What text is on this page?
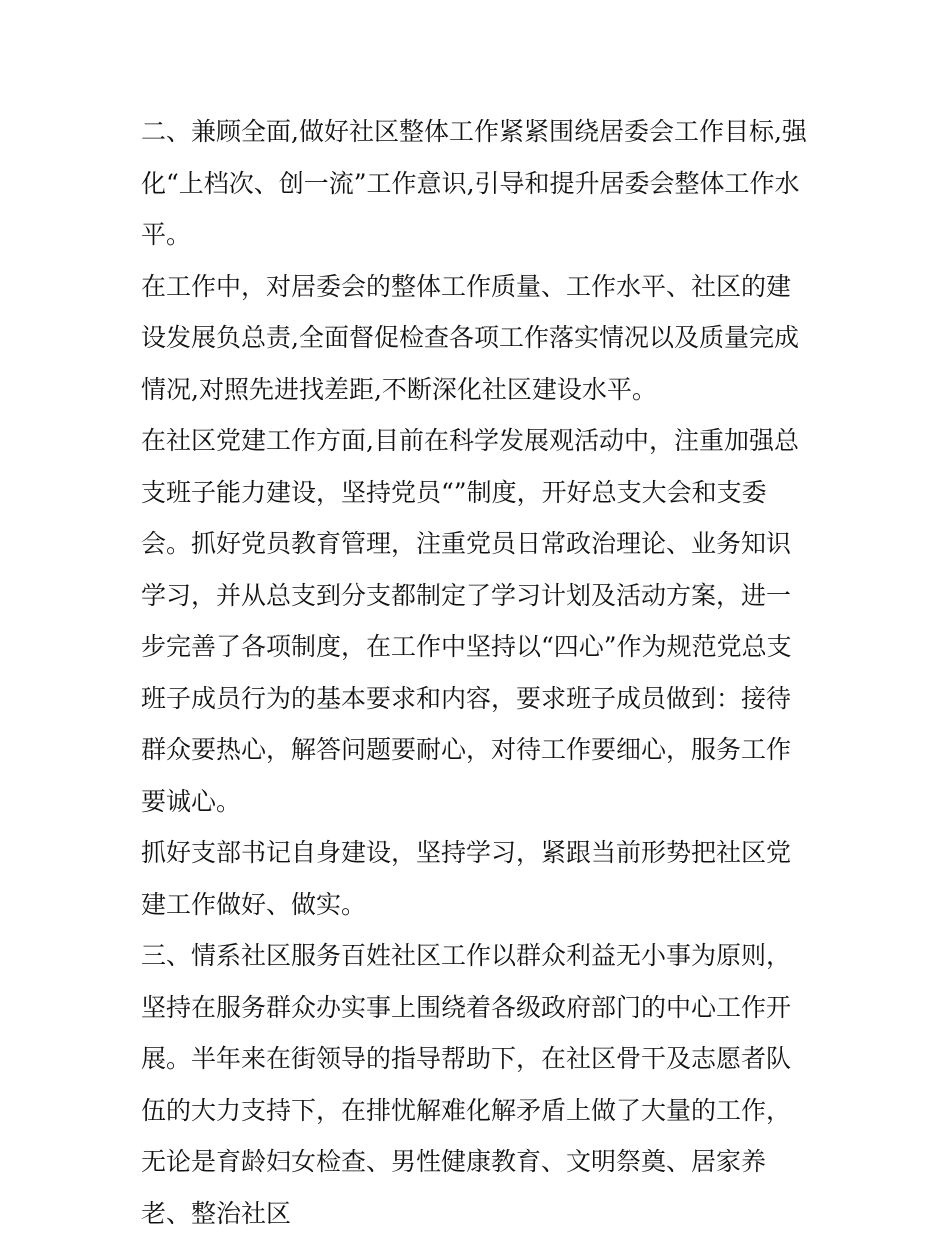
二、兼顾全面,做好社区整体工作紧紧围绕居委会工作目标,强化“上档次、创一流”工作意识,引导和提升居委会整体工作水平。

在工作中，对居委会的整体工作质量、工作水平、社区的建设发展负总责,全面督促检查各项工作落实情况以及质量完成情况,对照先进找差距,不断深化社区建设水平。

在社区党建工作方面,目前在科学发展观活动中，注重加强总支班子能力建设，坚持党员“”制度，开好总支大会和支委会。抓好党员教育管理，注重党员日常政治理论、业务知识学习，并从总支到分支都制定了学习计划及活动方案，进一步完善了各项制度，在工作中坚持以“四心”作为规范党总支班子成员行为的基本要求和内容，要求班子成员做到：接待群众要热心，解答问题要耐心，对待工作要细心，服务工作要诚心。

抓好支部书记自身建设，坚持学习，紧跟当前形势把社区党建工作做好、做实。

三、情系社区服务百姓社区工作以群众利益无小事为原则，坚持在服务群众办实事上围绕着各级政府部门的中心工作开展。半年来在街领导的指导帮助下，在社区骨干及志愿者队伍的大力支持下，在排忧解难化解矛盾上做了大量的工作，无论是育龄妇女检查、男性健康教育、文明祭奠、居家养老、整治社区
